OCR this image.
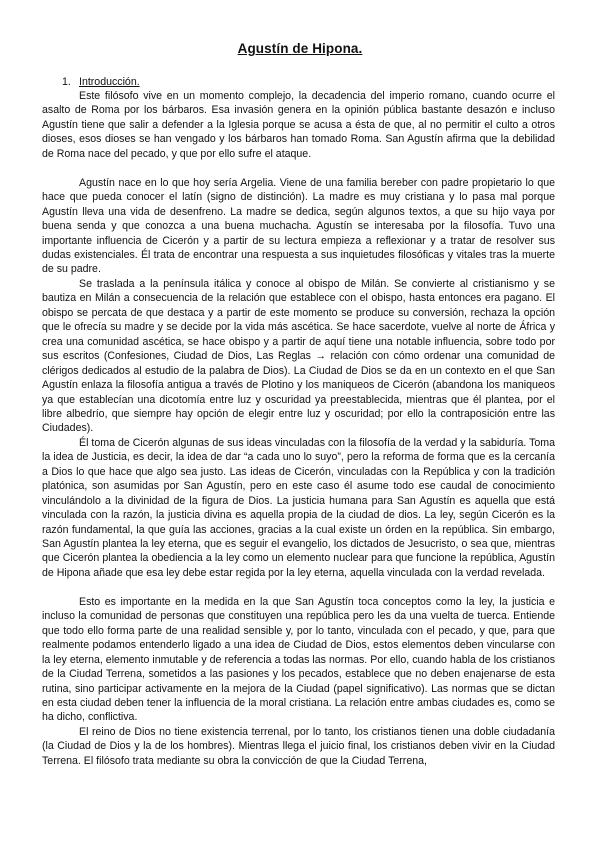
Agustín de Hipona.
1. Introducción.

Este filósofo vive en un momento complejo, la decadencia del imperio romano, cuando ocurre el asalto de Roma por los bárbaros. Esa invasión genera en la opinión pública bastante desazón e incluso Agustín tiene que salir a defender a la Iglesia porque se acusa a ésta de que, al no permitir el culto a otros dioses, esos dioses se han vengado y los bárbaros han tomado Roma. San Agustín afirma que la debilidad de Roma nace del pecado, y que por ello sufre el ataque.

Agustín nace en lo que hoy sería Argelia. Viene de una familia bereber con padre propietario lo que hace que pueda conocer el latín (signo de distinción). La madre es muy cristiana y lo pasa mal porque Agustín lleva una vida de desenfreno. La madre se dedica, según algunos textos, a que su hijo vaya por buena senda y que conozca a una buena muchacha. Agustín se interesaba por la filosofía. Tuvo una importante influencia de Cicerón y a partir de su lectura empieza a reflexionar y a tratar de resolver sus dudas existenciales. Él trata de encontrar una respuesta a sus inquietudes filosóficas y vitales tras la muerte de su padre.

Se traslada a la península itálica y conoce al obispo de Milán. Se convierte al cristianismo y se bautiza en Milán a consecuencia de la relación que establece con el obispo, hasta entonces era pagano. El obispo se percata de que destaca y a partir de este momento se produce su conversión, rechaza la opción que le ofrecía su madre y se decide por la vida más ascética. Se hace sacerdote, vuelve al norte de África y crea una comunidad ascética, se hace obispo y a partir de aquí tiene una notable influencia, sobre todo por sus escritos (Confesiones, Ciudad de Dios, Las Reglas → relación con cómo ordenar una comunidad de clérigos dedicados al estudio de la palabra de Dios). La Ciudad de Dios se da en un contexto en el que San Agustín enlaza la filosofía antigua a través de Plotino y los maniqueos de Cicerón (abandona los maniqueos ya que establecían una dicotomía entre luz y oscuridad ya preestablecida, mientras que él plantea, por el libre albedrío, que siempre hay opción de elegir entre luz y oscuridad; por ello la contraposición entre las Ciudades).

Él toma de Cicerón algunas de sus ideas vinculadas con la filosofía de la verdad y la sabiduría. Toma la idea de Justicia, es decir, la idea de dar “a cada uno lo suyo”, pero la reforma de forma que es la cercanía a Dios lo que hace que algo sea justo. Las ideas de Cicerón, vinculadas con la República y con la tradición platónica, son asumidas por San Agustín, pero en este caso él asume todo ese caudal de conocimiento vinculándolo a la divinidad de la figura de Dios. La justicia humana para San Agustín es aquella que está vinculada con la razón, la justicia divina es aquella propia de la ciudad de dios. La ley, según Cicerón es la razón fundamental, la que guía las acciones, gracias a la cual existe un órden en la república. Sin embargo, San Agustín plantea la ley eterna, que es seguir el evangelio, los dictados de Jesucristo, o sea que, mientras que Cicerón plantea la obediencia a la ley como un elemento nuclear para que funcione la república, Agustín de Hipona añade que esa ley debe estar regida por la ley eterna, aquella vinculada con la verdad revelada.

Esto es importante en la medida en la que San Agustín toca conceptos como la ley, la justicia e incluso la comunidad de personas que constituyen una república pero les da una vuelta de tuerca. Entiende que todo ello forma parte de una realidad sensible y, por lo tanto, vinculada con el pecado, y que, para que realmente podamos entenderlo ligado a una idea de Ciudad de Dios, estos elementos deben vincularse con la ley eterna, elemento inmutable y de referencia a todas las normas. Por ello, cuando habla de los cristianos de la Ciudad Terrena, sometidos a las pasiones y los pecados, establece que no deben enajenarse de esta rutina, sino participar activamente en la mejora de la Ciudad (papel significativo). Las normas que se dictan en esta ciudad deben tener la influencia de la moral cristiana. La relación entre ambas ciudades es, como se ha dicho, conflictiva.

El reino de Dios no tiene existencia terrenal, por lo tanto, los cristianos tienen una doble ciudadanía (la Ciudad de Dios y la de los hombres). Mientras llega el juicio final, los cristianos deben vivir en la Ciudad Terrena. El filósofo trata mediante su obra la convicción de que la Ciudad Terrena,
